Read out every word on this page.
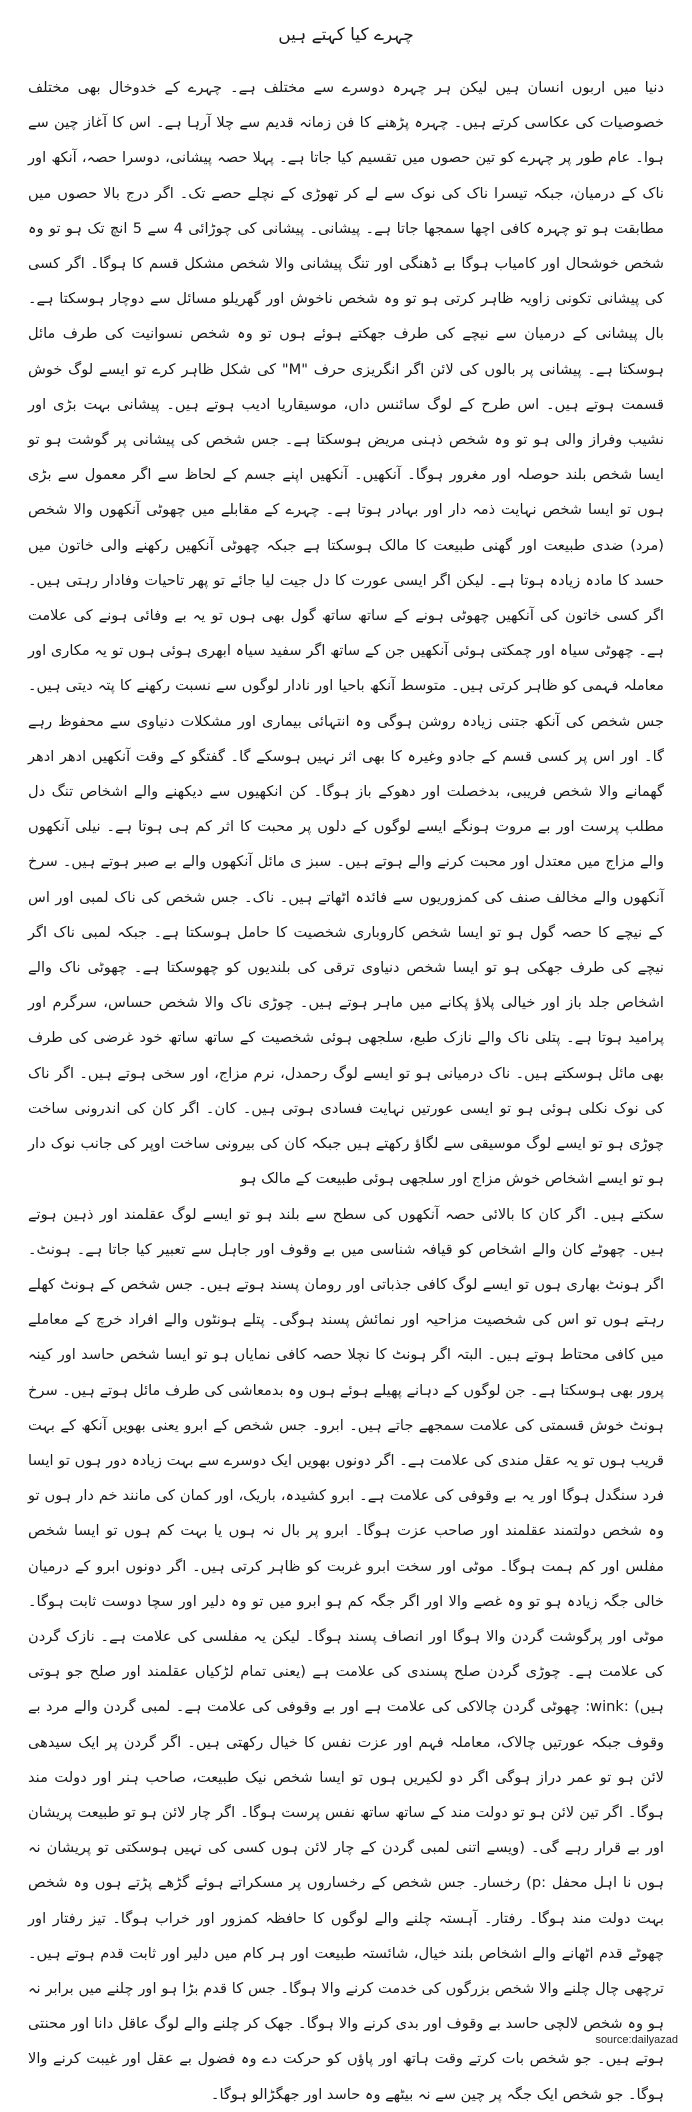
چہرے کیا کہتے ہیں

دنیا میں اربوں انسان ہیں لیکن ہر چہرہ دوسرے سے مختلف ہے۔ چہرے کے خدوخال بھی مختلف خصوصیات کی عکاسی کرتے ہیں۔ چہرہ پڑھنے کا فن زمانہ قدیم سے چلا آرہا ہے۔ اس کا آغاز چین سے ہوا۔ عام طور پر چہرے کو تین حصوں میں تقسیم کیا جاتا ہے۔ پہلا حصہ پیشانی، دوسرا حصہ، آنکھ اور ناک کے درمیان، جبکہ تیسرا ناک کی نوک سے لے کر تھوڑی کے نچلے حصے تک۔ اگر درج بالا حصوں میں مطابقت ہو تو چہرہ کافی اچھا سمجھا جاتا ہے۔ پیشانی۔ پیشانی کی چوڑائی 4 سے 5 انچ تک ہو تو وہ شخص خوشحال اور کامیاب ہوگا بے ڈھنگی اور تنگ پیشانی والا شخص مشکل قسم کا ہوگا۔ اگر کسی کی پیشانی تکونی زاویہ ظاہر کرتی ہو تو وہ شخص ناخوش اور گھریلو مسائل سے دوچار ہوسکتا ہے۔ بال پیشانی کے درمیان سے نیچے کی طرف جھکتے ہوئے ہوں تو وہ شخص نسوانیت کی طرف مائل ہوسکتا ہے۔ پیشانی پر بالوں کی لائن اگر انگریزی حرف "M" کی شکل ظاہر کرے تو ایسے لوگ خوش قسمت ہوتے ہیں۔ اس طرح کے لوگ سائنس داں، موسیقاریا ادیب ہوتے ہیں۔ پیشانی بہت بڑی اور نشیب وفراز والی ہو تو وہ شخص ذہنی مریض ہوسکتا ہے۔ جس شخص کی پیشانی پر گوشت ہو تو ایسا شخص بلند حوصلہ اور مغرور ہوگا۔ آنکھیں۔ آنکھیں اپنے جسم کے لحاظ سے اگر معمول سے بڑی ہوں تو ایسا شخص نہایت ذمہ دار اور بہادر ہوتا ہے۔ چہرے کے مقابلے میں چھوٹی آنکھوں والا شخص (مرد) ضدی طبیعت اور گھنی طبیعت کا مالک ہوسکتا ہے جبکہ چھوٹی آنکھیں رکھنے والی خاتون میں حسد کا مادہ زیادہ ہوتا ہے۔ لیکن اگر ایسی عورت کا دل جیت لیا جائے تو پھر تاحیات وفادار رہتی ہیں۔ اگر کسی خاتون کی آنکھیں چھوٹی ہونے کے ساتھ ساتھ گول بھی ہوں تو یہ بے وفائی ہونے کی علامت ہے۔ چھوٹی سیاہ اور چمکتی ہوئی آنکھیں جن کے ساتھ اگر سفید سیاہ ابھری ہوئی ہوں تو یہ مکاری اور معاملہ فہمی کو ظاہر کرتی ہیں۔ متوسط آنکھ باحیا اور نادار لوگوں سے نسبت رکھنے کا پتہ دیتی ہیں۔ جس شخص کی آنکھ جتنی زیادہ روشن ہوگی وہ انتہائی بیماری اور مشکلات دنیاوی سے محفوظ رہے گا۔ اور اس پر کسی قسم کے جادو وغیرہ کا بھی اثر نہیں ہوسکے گا۔ گفتگو کے وقت آنکھیں ادھر ادھر گھمانے والا شخص فریبی، بدخصلت اور دھوکے باز ہوگا۔ کن انکھیوں سے دیکھنے والے اشخاص تنگ دل مطلب پرست اور بے مروت ہونگے ایسے لوگوں کے دلوں پر محبت کا اثر کم ہی ہوتا ہے۔ نیلی آنکھوں والے مزاج میں معتدل اور محبت کرنے والے ہوتے ہیں۔ سبز ی مائل آنکھوں والے بے صبر ہوتے ہیں۔ سرخ آنکھوں والے مخالف صنف کی کمزوریوں سے فائدہ اٹھاتے ہیں۔ ناک۔ جس شخص کی ناک لمبی اور اس کے نیچے کا حصہ گول ہو تو ایسا شخص کاروباری شخصیت کا حامل ہوسکتا ہے۔ جبکہ لمبی ناک اگر نیچے کی طرف جھکی ہو تو ایسا شخص دنیاوی ترقی کی بلندیوں کو چھوسکتا ہے۔ چھوٹی ناک والے اشخاص جلد باز اور خیالی پلاؤ پکانے میں ماہر ہوتے ہیں۔ چوڑی ناک والا شخص حساس، سرگرم اور پرامید ہوتا ہے۔ پتلی ناک والے نازک طبع، سلجھی ہوئی شخصیت کے ساتھ ساتھ خود غرضی کی طرف بھی مائل ہوسکتے ہیں۔ ناک درمیانی ہو تو ایسے لوگ رحمدل، نرم مزاج، اور سخی ہوتے ہیں۔ اگر ناک کی نوک نکلی ہوئی ہو تو ایسی عورتیں نہایت فسادی ہوتی ہیں۔ کان۔ اگر کان کی اندرونی ساخت چوڑی ہو تو ایسے لوگ موسیقی سے لگاؤ رکھتے ہیں جبکہ کان کی بیرونی ساخت اوپر کی جانب نوک دار ہو تو ایسے اشخاص خوش مزاج اور سلجھی ہوئی طبیعت کے مالک ہو

سکتے ہیں۔ اگر کان کا بالائی حصہ آنکھوں کی سطح سے بلند ہو تو ایسے لوگ عقلمند اور ذہین ہوتے ہیں۔ چھوٹے کان والے اشخاص کو قیافہ شناسی میں بے وقوف اور جاہل سے تعبیر کیا جاتا ہے۔ ہونٹ۔ اگر ہونٹ بھاری ہوں تو ایسے لوگ کافی جذباتی اور رومان پسند ہوتے ہیں۔ جس شخص کے ہونٹ کھلے رہتے ہوں تو اس کی شخصیت مزاحیہ اور نمائش پسند ہوگی۔ پتلے ہونٹوں والے افراد خرچ کے معاملے میں کافی محتاط ہوتے ہیں۔ البتہ اگر ہونٹ کا نچلا حصہ کافی نمایاں ہو تو ایسا شخص حاسد اور کینہ پرور بھی ہوسکتا ہے۔ جن لوگوں کے دہانے پھیلے ہوئے ہوں وہ بدمعاشی کی طرف مائل ہوتے ہیں۔ سرخ ہونٹ خوش قسمتی کی علامت سمجھے جاتے ہیں۔ ابرو۔ جس شخص کے ابرو یعنی بھویں آنکھ کے بہت قریب ہوں تو یہ عقل مندی کی علامت ہے۔ اگر دونوں بھویں ایک دوسرے سے بہت زیادہ دور ہوں تو ایسا فرد سنگدل ہوگا اور یہ بے وقوفی کی علامت ہے۔ ابرو کشیدہ، باریک، اور کمان کی مانند خم دار ہوں تو وہ شخص دولتمند عقلمند اور صاحب عزت ہوگا۔ ابرو پر بال نہ ہوں یا بہت کم ہوں تو ایسا شخص مفلس اور کم ہمت ہوگا۔ موٹی اور سخت ابرو غربت کو ظاہر کرتی ہیں۔ اگر دونوں ابرو کے درمیان خالی جگہ زیادہ ہو تو وہ غصے والا اور اگر جگہ کم ہو ابرو میں تو وہ دلیر اور سچا دوست ثابت ہوگا۔ موٹی اور پرگوشت گردن والا ہوگا اور انصاف پسند ہوگا۔ لیکن یہ مفلسی کی علامت ہے۔ نازک گردن کی علامت ہے۔ چوڑی گردن صلح پسندی کی علامت ہے (یعنی تمام لڑکیاں عقلمند اور صلح جو ہوتی ہیں) :wink: چھوٹی گردن چالاکی کی علامت ہے اور بے وقوفی کی علامت ہے۔ لمبی گردن والے مرد بے وقوف جبکہ عورتیں چالاک، معاملہ فہم اور عزت نفس کا خیال رکھتی ہیں۔ اگر گردن پر ایک سیدھی لائن ہو تو عمر دراز ہوگی اگر دو لکیریں ہوں تو ایسا شخص نیک طبیعت، صاحب ہنر اور دولت مند ہوگا۔ اگر تین لائن ہو تو دولت مند کے ساتھ ساتھ نفس پرست ہوگا۔ اگر چار لائن ہو تو طبیعت پریشان اور بے قرار رہے گی۔ (ویسے اتنی لمبی گردن کے چار لائن ہوں کسی کی نہیں ہوسکتی تو پریشان نہ ہوں نا اہل محفل :p) رخسار۔ جس شخص کے رخساروں پر مسکراتے ہوئے گڑھے پڑتے ہوں وہ شخص بہت دولت مند ہوگا۔ رفتار۔ آہستہ چلنے والے لوگوں کا حافظہ کمزور اور خراب ہوگا۔ تیز رفتار اور چھوٹے قدم اٹھانے والے اشخاص بلند خیال، شائستہ طبیعت اور ہر کام میں دلیر اور ثابت قدم ہوتے ہیں۔ ترچھی چال چلنے والا شخص بزرگوں کی خدمت کرنے والا ہوگا۔ جس کا قدم بڑا ہو اور چلنے میں برابر نہ ہو وہ شخص لالچی حاسد بے وقوف اور بدی کرنے والا ہوگا۔ جھک کر چلنے والے لوگ عاقل دانا اور محنتی ہوتے ہیں۔ جو شخص بات کرتے وقت ہاتھ اور پاؤں کو حرکت دے وہ فضول بے عقل اور غیبت کرنے والا ہوگا۔ جو شخص ایک جگہ پر چین سے نہ بیٹھے وہ حاسد اور جھگڑالو ہوگا۔

source:dailyazad
